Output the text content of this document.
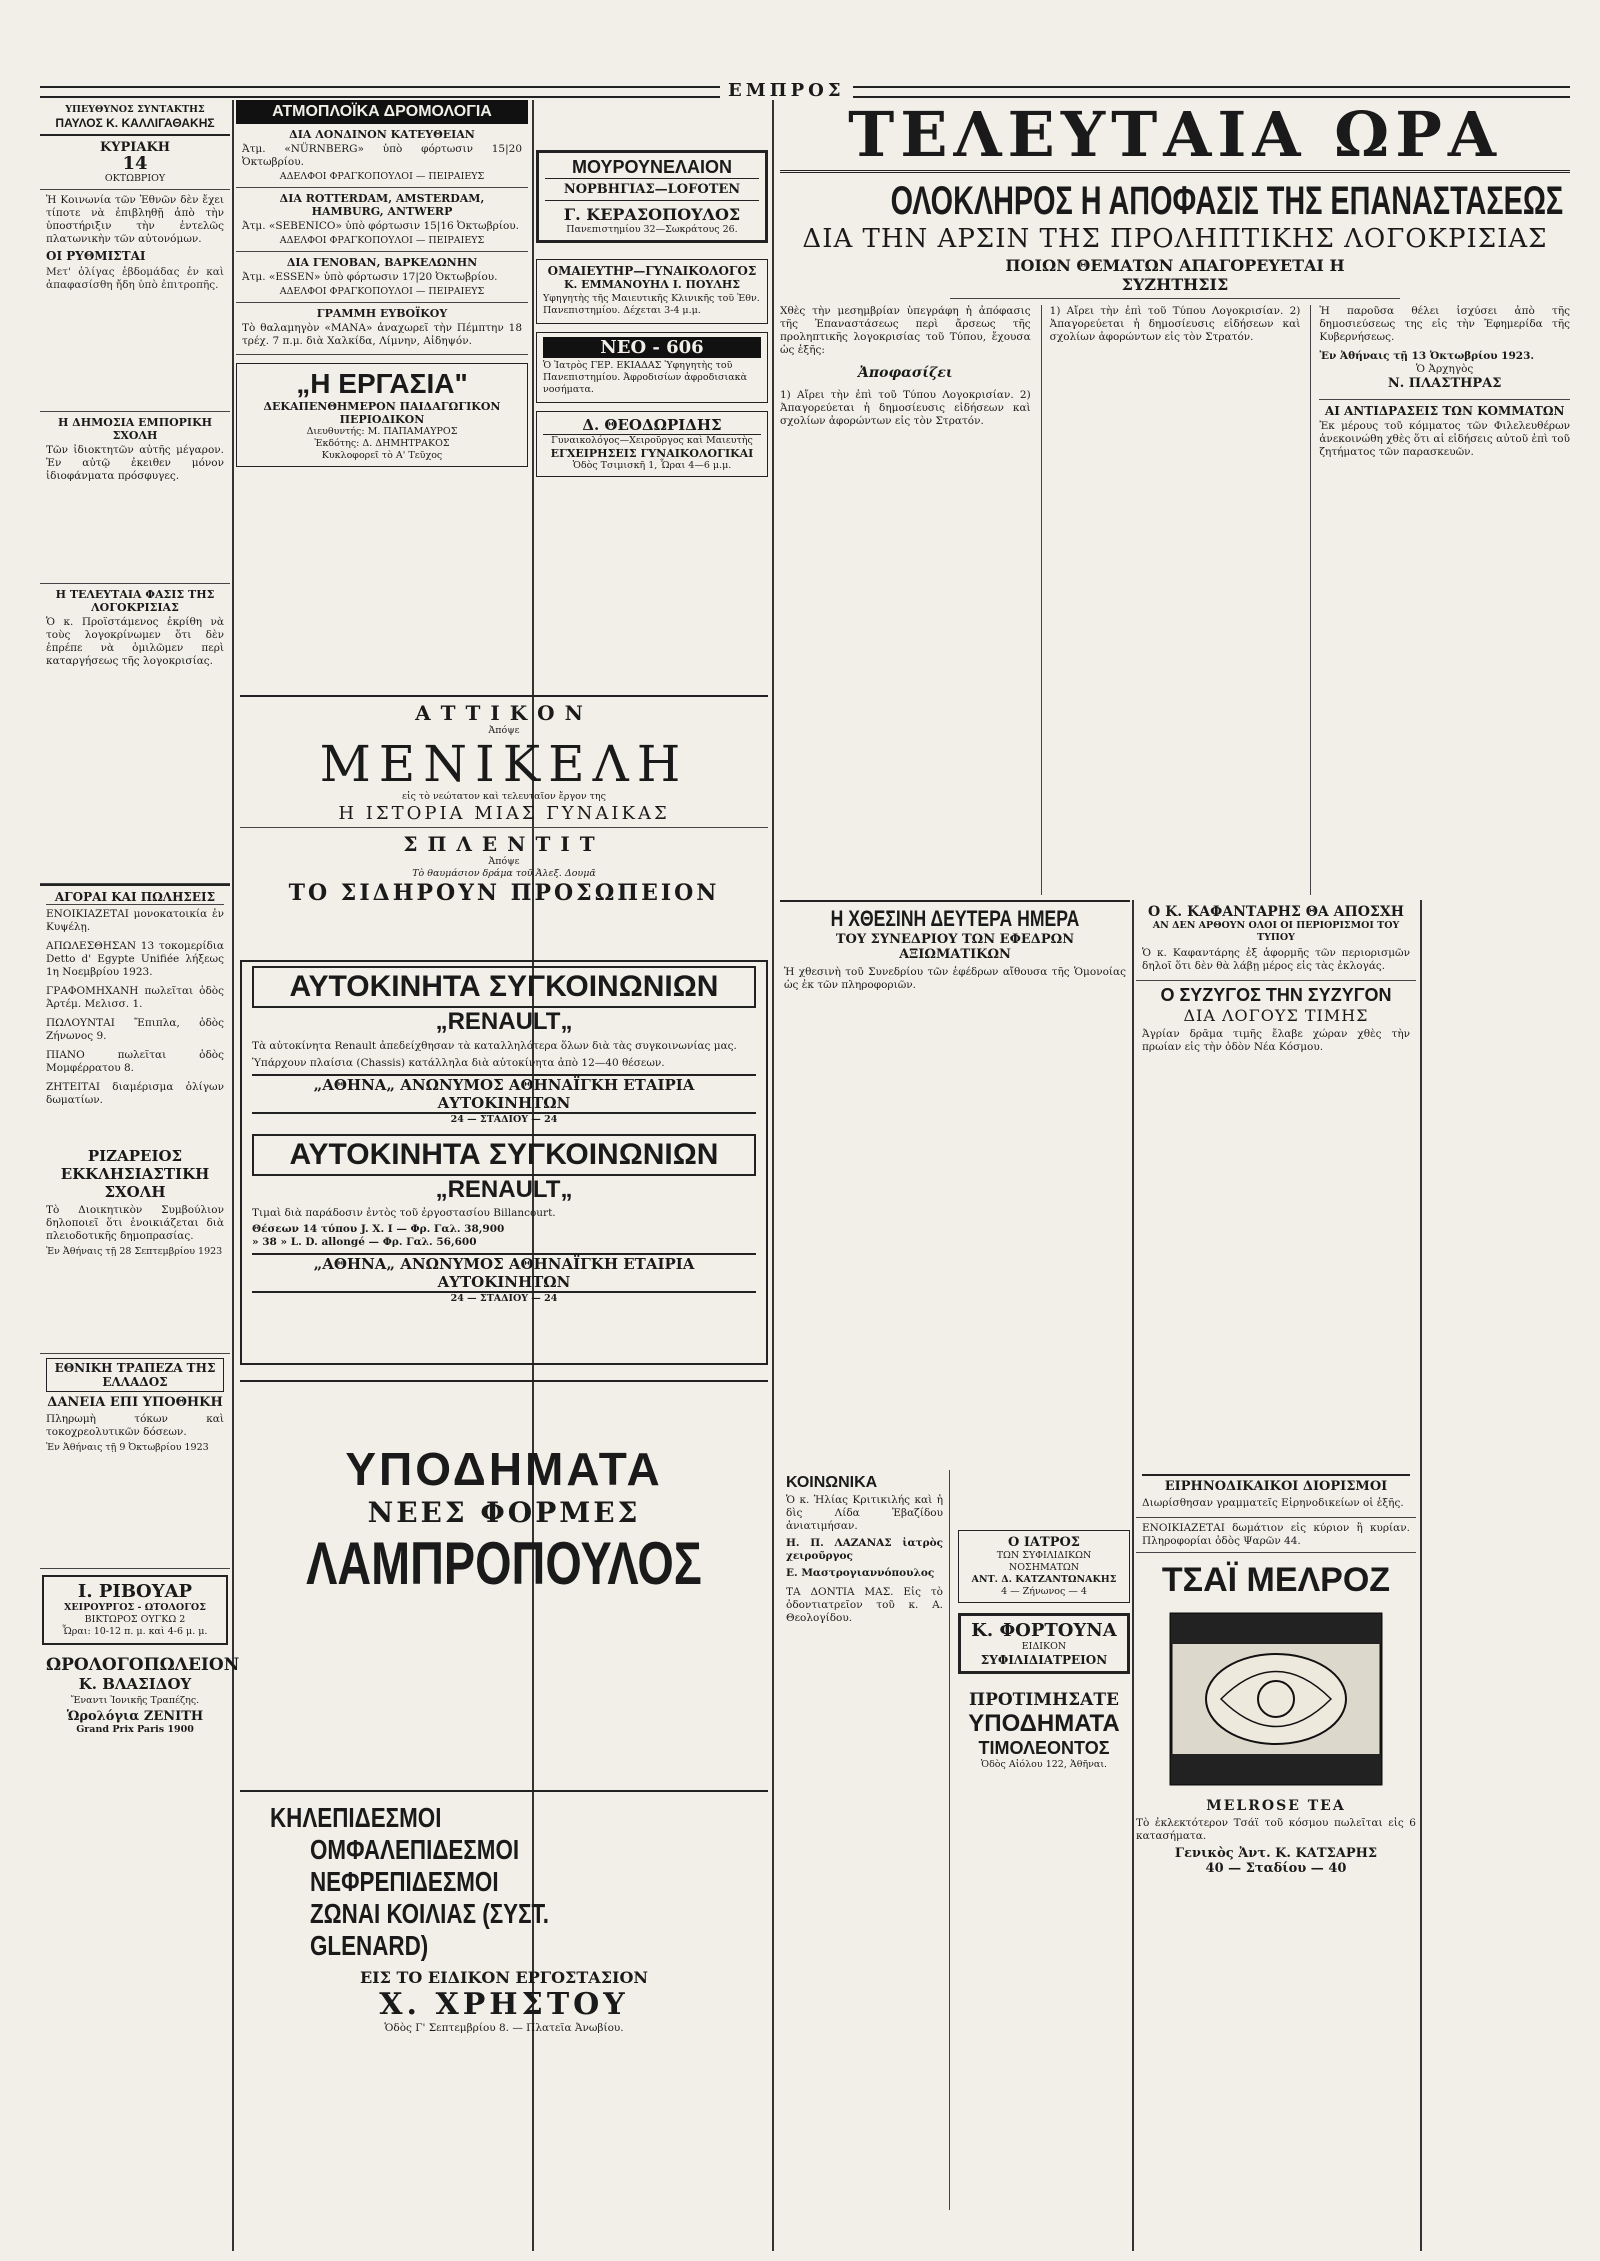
ΕΜΠΡΟΣ
ΥΠΕΥΘΥΝΟΣ ΣΥΝΤΑΚΤΗΣ
ΠΑΥΛΟΣ Κ. ΚΑΛΛΙΓΑΘΑΚΗΣ
ΚΥΡΙΑΚΗ
14
ΟΚΤΩΒΡΙΟΥ

Ἡ Κοινωνία τῶν Ἐθνῶν δὲν ἔχει τίποτε νὰ ἐπιβληθῇ ἀπὸ τὴν ὑποστήριξιν τὴν ἐντελῶς πλατωνικὴν τῶν αὐτονόμων.

ΟΙ ΡΥΘΜΙΣΤΑΙ

Μετ' ὀλίγας ἑβδομάδας ἐν καὶ ἀπαφασίσθη ἤδη ὑπὸ ἐπιτροπῆς.

Η ΔΗΜΟΣΙΑ ΕΜΠΟΡΙΚΗ ΣΧΟΛΗ

Τῶν ἰδιοκτητῶν αὐτῆς μέγαρον. Ἐν αὐτῷ ἐκειθεν μόνον ἰδιοφάνματα πρόσφυγες.

Η ΤΕΛΕΥΤΑΙΑ ΦΑΣΙΣ ΤΗΣ ΛΟΓΟΚΡΙΣΙΑΣ

Ὁ κ. Προϊστάμενος ἐκρίθη νὰ τοὺς λογοκρίνωμεν ὅτι δὲν ἐπρέπε νὰ ὁμιλῶμεν περὶ καταργήσεως τῆς λογοκρισίας.

ΑΓΟΡΑΙ ΚΑΙ ΠΩΛΗΣΕΙΣ

ΕΝΟΙΚΙΑΖΕΤΑΙ μονοκατοικία ἐν Κυψέλῃ.

ΑΠΩΛΕΣΘΗΣΑΝ 13 τοκομερίδια Detto d' Egypte Unifiée λήξεως 1η Νοεμβρίου 1923.

ΓΡΑΦΟΜΗΧΑΝΗ πωλεῖται ὁδὸς Ἀρτέμ. Μελισσ. 1.

ΠΩΛΟΥΝΤΑΙ Ἔπιπλα, ὁδὸς Ζήνωνος 9.

ΠΙΑΝΟ πωλεῖται ὁδὸς Μομφέρρατου 8.

ΖΗΤΕΙΤΑΙ διαμέρισμα ὀλίγων δωματίων.

ΡΙΖΑΡΕΙΟΣ ΕΚΚΛΗΣΙΑΣΤΙΚΗ ΣΧΟΛΗ

Τὸ Διοικητικὸν Συμβούλιον δηλοποιεῖ ὅτι ἐνοικιάζεται διὰ πλειοδοτικῆς δημοπρασίας.

Ἐν Ἀθήναις τῇ 28 Σεπτεμβρίου 1923

ΕΘΝΙΚΗ ΤΡΑΠΕΖΑ ΤΗΣ ΕΛΛΑΔΟΣ
ΔΑΝΕΙΑ ΕΠΙ ΥΠΟΘΗΚΗ

Πληρωμὴ τόκων καὶ τοκοχρεολυτικῶν δόσεων.

Ἐν Ἀθήναις τῇ 9 Ὀκτωβρίου 1923

Ι. ΡΙΒΟΥΑΡ
ΧΕΙΡΟΥΡΓΟΣ - ΩΤΟΛΟΓΟΣ
ΒΙΚΤΩΡΟΣ ΟΥΓΚΩ 2
Ὧραι: 10-12 π. μ. καὶ 4-6 μ. μ.
ΩΡΟΛΟΓΟΠΩΛΕΙΟΝ
Κ. ΒΛΑΣΙΔΟΥ

Ἔναντι Ἰονικῆς Τραπέζης.

Ὡρολόγια ZENITH
Grand Prix Paris 1900
ΑΤΜΟΠΛΟΪΚΑ ΔΡΟΜΟΛΟΓΙΑ
ΔΙΑ ΛΟΝΔΙΝΟΝ ΚΑΤΕΥΘΕΙΑΝ

Ἀτμ. «NÜRNBERG» ὑπὸ φόρτωσιν 15|20 Ὀκτωβρίου.

ΑΔΕΛΦΟΙ ΦΡΑΓΚΟΠΟΥΛΟΙ — ΠΕΙΡΑΙΕΥΣ
ΔΙΑ ROTTERDAM, AMSTERDAM, HAMBURG, ANTWERP

Ἀτμ. «SEBENICO» ὑπὸ φόρτωσιν 15|16 Ὀκτωβρίου.

ΑΔΕΛΦΟΙ ΦΡΑΓΚΟΠΟΥΛΟΙ — ΠΕΙΡΑΙΕΥΣ
ΔΙΑ ΓΕΝΟΒΑΝ, ΒΑΡΚΕΛΩΝΗΝ

Ἀτμ. «ESSEN» ὑπὸ φόρτωσιν 17|20 Ὀκτωβρίου.

ΑΔΕΛΦΟΙ ΦΡΑΓΚΟΠΟΥΛΟΙ — ΠΕΙΡΑΙΕΥΣ
ΓΡΑΜΜΗ ΕΥΒΟΪΚΟΥ

Τὸ θαλαμηγὸν «ΜΑΝΑ» ἀναχωρεῖ τὴν Πέμπτην 18 τρέχ. 7 π.μ. διὰ Χαλκίδα, Λίμνην, Αἰδηψόν.

„Η ΕΡΓΑΣΙΑ"
ΔΕΚΑΠΕΝΘΗΜΕΡΟΝ ΠΑΙΔΑΓΩΓΙΚΟΝ ΠΕΡΙΟΔΙΚΟΝ
Διευθυντής: Μ. ΠΑΠΑΜΑΥΡΟΣ
Ἐκδότης: Δ. ΔΗΜΗΤΡΑΚΟΣ
Κυκλοφορεῖ τὸ Α' Τεῦχος
ΜΟΥΡΟΥΝΕΛΑΙΟΝ
ΝΟΡΒΗΓΙΑΣ—LOFOTEN
Γ. ΚΕΡΑΣΟΠΟΥΛΟΣ
Πανεπιστημίου 32—Σωκράτους 26.
ΟΜΑΙΕΥΤΗΡ—ΓΥΝΑΙΚΟΛΟΓΟΣ
Κ. ΕΜΜΑΝΟΥΗΛ Ι. ΠΟΥΛΗΣ

Υφηγητὴς τῆς Μαιευτικῆς Κλινικῆς τοῦ Ἐθν. Πανεπιστημίου. Δέχεται 3-4 μ.μ.

ΝΕΟ - 606

Ὁ Ἰατρὸς ΓΕΡ. ΕΚΙΑΔΑΣ Ὑφηγητὴς τοῦ Πανεπιστημίου. Ἀφροδισίων ἀφροδισιακὰ νοσήματα.

Δ. ΘΕΟΔΩΡΙΔΗΣ
Γυναικολόγος—Χειροῦργος καὶ Μαιευτὴς
ΕΓΧΕΙΡΗΣΕΙΣ ΓΥΝΑΙΚΟΛΟΓΙΚΑΙ
Ὁδὸς Τσιμισκῆ 1, Ὧραι 4—6 μ.μ.
ΑΤΤΙΚΟΝ
Ἀπόψε
ΜΕΝΙΚΕΛΗ
εἰς τὸ νεώτατον καὶ τελευταῖον ἔργον της
Η ΙΣΤΟΡΙΑ ΜΙΑΣ ΓΥΝΑΙΚΑΣ
ΣΠΛΕΝΤΙΤ
Ἀπόψε
Τὸ θαυμάσιον δράμα τοῦ Ἀλεξ. Δουμᾶ
ΤΟ ΣΙΔΗΡΟΥΝ ΠΡΟΣΩΠΕΙΟΝ
ΑΥΤΟΚΙΝΗΤΑ ΣΥΓΚΟΙΝΩΝΙΩΝ
„RENAULT„

Τὰ αὐτοκίνητα Renault ἀπεδείχθησαν τὰ καταλληλότερα ὅλων διὰ τὰς συγκοινωνίας μας.

Ὑπάρχουν πλαίσια (Chassis) κατάλληλα διὰ αὐτοκίνητα ἀπὸ 12—40 θέσεων.

„ΑΘΗΝΑ„ ΑΝΩΝΥΜΟΣ ΑΘΗΝΑΪΓΚΗ ΕΤΑΙΡΙΑ ΑΥΤΟΚΙΝΗΤΩΝ
24 — ΣΤΑΔΙΟΥ — 24
ΑΥΤΟΚΙΝΗΤΑ ΣΥΓΚΟΙΝΩΝΙΩΝ
„RENAULT„

Τιμαὶ διὰ παράδοσιν ἐντὸς τοῦ ἐργοστασίου Billancourt.

Θέσεων 14 τύπου J. X. I — Φρ. Γαλ. 38,900
» 38 » L. D. allongé — Φρ. Γαλ. 56,600
„ΑΘΗΝΑ„ ΑΝΩΝΥΜΟΣ ΑΘΗΝΑΪΓΚΗ ΕΤΑΙΡΙΑ ΑΥΤΟΚΙΝΗΤΩΝ
24 — ΣΤΑΔΙΟΥ — 24
ΥΠΟΔΗΜΑΤΑ
ΝΕΕΣ ΦΟΡΜΕΣ
ΛΑΜΠΡΟΠΟΥΛΟΣ
ΚΗΛΕΠΙΔΕΣΜΟΙ
ΟΜΦΑΛΕΠΙΔΕΣΜΟΙ
ΝΕΦΡΕΠΙΔΕΣΜΟΙ
ΖΩΝΑΙ ΚΟΙΛΙΑΣ (ΣΥΣΤ. GLENARD)
ΕΙΣ ΤΟ ΕΙΔΙΚΟΝ ΕΡΓΟΣΤΑΣΙΟΝ
Χ. ΧΡΗΣΤΟΥ
Ὁδὸς Γ' Σεπτεμβρίου 8. — Πλατεῖα Ἀνωβίου.
ΤΕΛΕΥΤΑΙΑ ΩΡΑ
ΟΛΟΚΛΗΡΟΣ Η ΑΠΟΦΑΣΙΣ ΤΗΣ ΕΠΑΝΑΣΤΑΣΕΩΣ
ΔΙΑ ΤΗΝ ΑΡΣΙΝ ΤΗΣ ΠΡΟΛΗΠΤΙΚΗΣ ΛΟΓΟΚΡΙΣΙΑΣ
ΠΟΙΩΝ ΘΕΜΑΤΩΝ ΑΠΑΓΟΡΕΥΕΤΑΙ Η ΣΥΖΗΤΗΣΙΣ

Χθὲς τὴν μεσημβρίαν ὑπεγράφη ἡ ἀπόφασις τῆς Ἐπαναστάσεως περὶ ἄρσεως τῆς προληπτικῆς λογοκρισίας τοῦ Τύπου, ἔχουσα ὡς ἑξῆς:

Ἀποφασίζει

1) Αἴρει τὴν ἐπὶ τοῦ Τύπου Λογοκρισίαν. 2) Ἀπαγορεύεται ἡ δημοσίευσις εἰδήσεων καὶ σχολίων ἀφορώντων εἰς τὸν Στρατόν.

1) Αἴρει τὴν ἐπὶ τοῦ Τύπου Λογοκρισίαν. 2) Ἀπαγορεύεται ἡ δημοσίευσις εἰδήσεων καὶ σχολίων ἀφορώντων εἰς τὸν Στρατόν.

Ἡ παροῦσα θέλει ἰσχύσει ἀπὸ τῆς δημοσιεύσεως της εἰς τὴν Ἐφημερίδα τῆς Κυβερνήσεως.

Ἐν Ἀθήναις τῇ 13 Ὀκτωβρίου 1923.

Ὁ Ἀρχηγὸς
Ν. ΠΛΑΣΤΗΡΑΣ
ΑΙ ΑΝΤΙΔΡΑΣΕΙΣ ΤΩΝ ΚΟΜΜΑΤΩΝ

Ἐκ μέρους τοῦ κόμματος τῶν Φιλελευθέρων ἀνεκοινώθη χθὲς ὅτι αἱ εἰδήσεις αὐτοῦ ἐπὶ τοῦ ζητήματος τῶν παρασκευῶν.

Η ΧΘΕΣΙΝΗ ΔΕΥΤΕΡΑ ΗΜΕΡΑ
ΤΟΥ ΣΥΝΕΔΡΙΟΥ ΤΩΝ ΕΦΕΔΡΩΝ ΑΞΙΩΜΑΤΙΚΩΝ

Ἡ χθεσινὴ τοῦ Συνεδρίου τῶν ἐφέδρων αἴθουσα τῆς Ὁμονοίας ὡς ἐκ τῶν πληροφοριῶν.

Ο Κ. ΚΑΦΑΝΤΑΡΗΣ ΘΑ ΑΠΟΣΧΗ
ΑΝ ΔΕΝ ΑΡΘΟΥΝ ΟΛΟΙ ΟΙ ΠΕΡΙΟΡΙΣΜΟΙ ΤΟΥ ΤΥΠΟΥ

Ὁ κ. Καφαντάρης ἐξ ἀφορμῆς τῶν περιορισμῶν δηλοῖ ὅτι δὲν θὰ λάβῃ μέρος εἰς τὰς ἐκλογάς.

Ο ΣΥΖΥΓΟΣ ΤΗΝ ΣΥΖΥΓΟΝ
ΔΙΑ ΛΟΓΟΥΣ ΤΙΜΗΣ

Ἀγρίαν δρᾶμα τιμῆς ἔλαβε χώραν χθὲς τὴν πρωίαν εἰς τὴν ὁδὸν Νέα Κόσμου.

ΕΙΡΗΝΟΔΙΚΑΙΚΟΙ ΔΙΟΡΙΣΜΟΙ

Διωρίσθησαν γραμματεῖς Εἰρηνοδικείων οἱ ἑξῆς.

ΕΝΟΙΚΙΑΖΕΤΑΙ δωμάτιον εἰς κύριον ἢ κυρίαν. Πληροφορίαι ὁδὸς Ψαρῶν 44.

ΤΣΑΪ ΜΕΛΡΟΖ
MELROSE TEA

Τὸ ἐκλεκτότερον Τσάϊ τοῦ κόσμου πωλεῖται εἰς 6 κατασήματα.

Γενικὸς Ἀντ. Κ. ΚΑΤΣΑΡΗΣ
40 — Σταδίου — 40
ΚΟΙΝΩΝΙΚΑ

Ὁ κ. Ἠλίας Κριτικιλής καὶ ἡ δὶς Λίδα Ἐβαζίδου ἀνιατιμήσαν.

Η. Π. ΛΑΖΑΝΑΣ ἰατρὸς χειροῦργος
Ε. Μαστρογιαννόπουλος

ΤΑ ΔΟΝΤΙΑ ΜΑΣ. Εἰς τὸ ὀδοντιατρεῖον τοῦ κ. Α. Θεολογίδου.

Ο ΙΑΤΡΟΣ
ΤΩΝ ΣΥΦΙΛΙΔΙΚΩΝ ΝΟΣΗΜΑΤΩΝ
ΑΝΤ. Δ. ΚΑΤΖΑΝΤΩΝΑΚΗΣ
4 — Ζήνωνος — 4
Κ. ΦΟΡΤΟΥΝΑ
ΕΙΔΙΚΟΝ
ΣΥΦΙΛΙΔΙΑΤΡΕΙΟΝ
ΠΡΟΤΙΜΗΣΑΤΕ
ΥΠΟΔΗΜΑΤΑ
ΤΙΜΟΛΕΟΝΤΟΣ
Ὁδὸς Αἰόλου 122, Ἀθῆναι.
